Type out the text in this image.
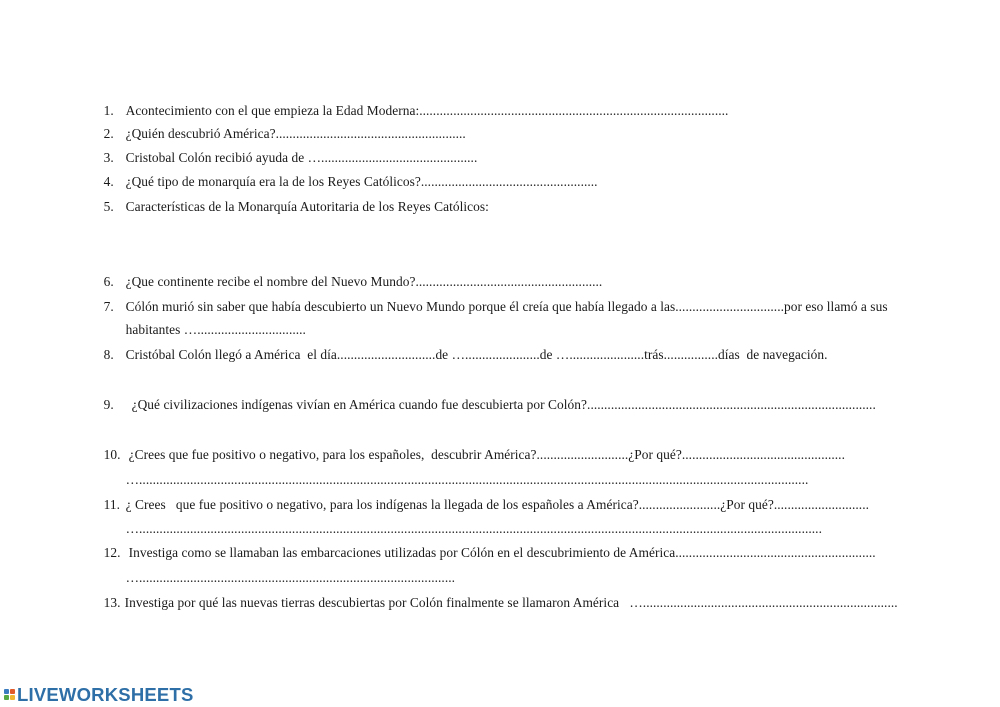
1. Acontecimiento con el que empieza la Edad Moderna:...........................................................................................

2. ¿Quién descubrió América?........................................................

3. Cristobal Colón recibió ayuda de …..............................................

4. ¿Qué tipo de monarquía era la de los Reyes Católicos?....................................................

5. Características de la Monarquía Autoritaria de los Reyes Católicos:

6. ¿Que continente recibe el nombre del Nuevo Mundo?.......................................................

7. Cólón murió sin saber que había descubierto un Nuevo Mundo porque él creía que había llegado a las................................por eso llamó a sus

habitantes …................................

8. Cristóbal Colón llegó a América  el día.............................de …......................de …......................trás................días  de navegación.

9. ¿Qué civilizaciones indígenas vivían en América cuando fue descubierta por Colón?.....................................................................................

10. ¿Crees que fue positivo o negativo, para los españoles,  descubrir América?...........................¿Por qué?................................................

….....................................................................................................................................................................................................

11. ¿ Crees   que fue positivo o negativo, para los indígenas la llegada de los españoles a América?........................¿Por qué?............................

….........................................................................................................................................................................................................

12. Investiga como se llamaban las embarcaciones utilizadas por Cólón en el descubrimiento de América...........................................................

….............................................................................................

13. Investiga por qué las nuevas tierras descubiertas por Colón finalmente se llamaron América   …...........................................................................

LIVEWORKSHEETS
